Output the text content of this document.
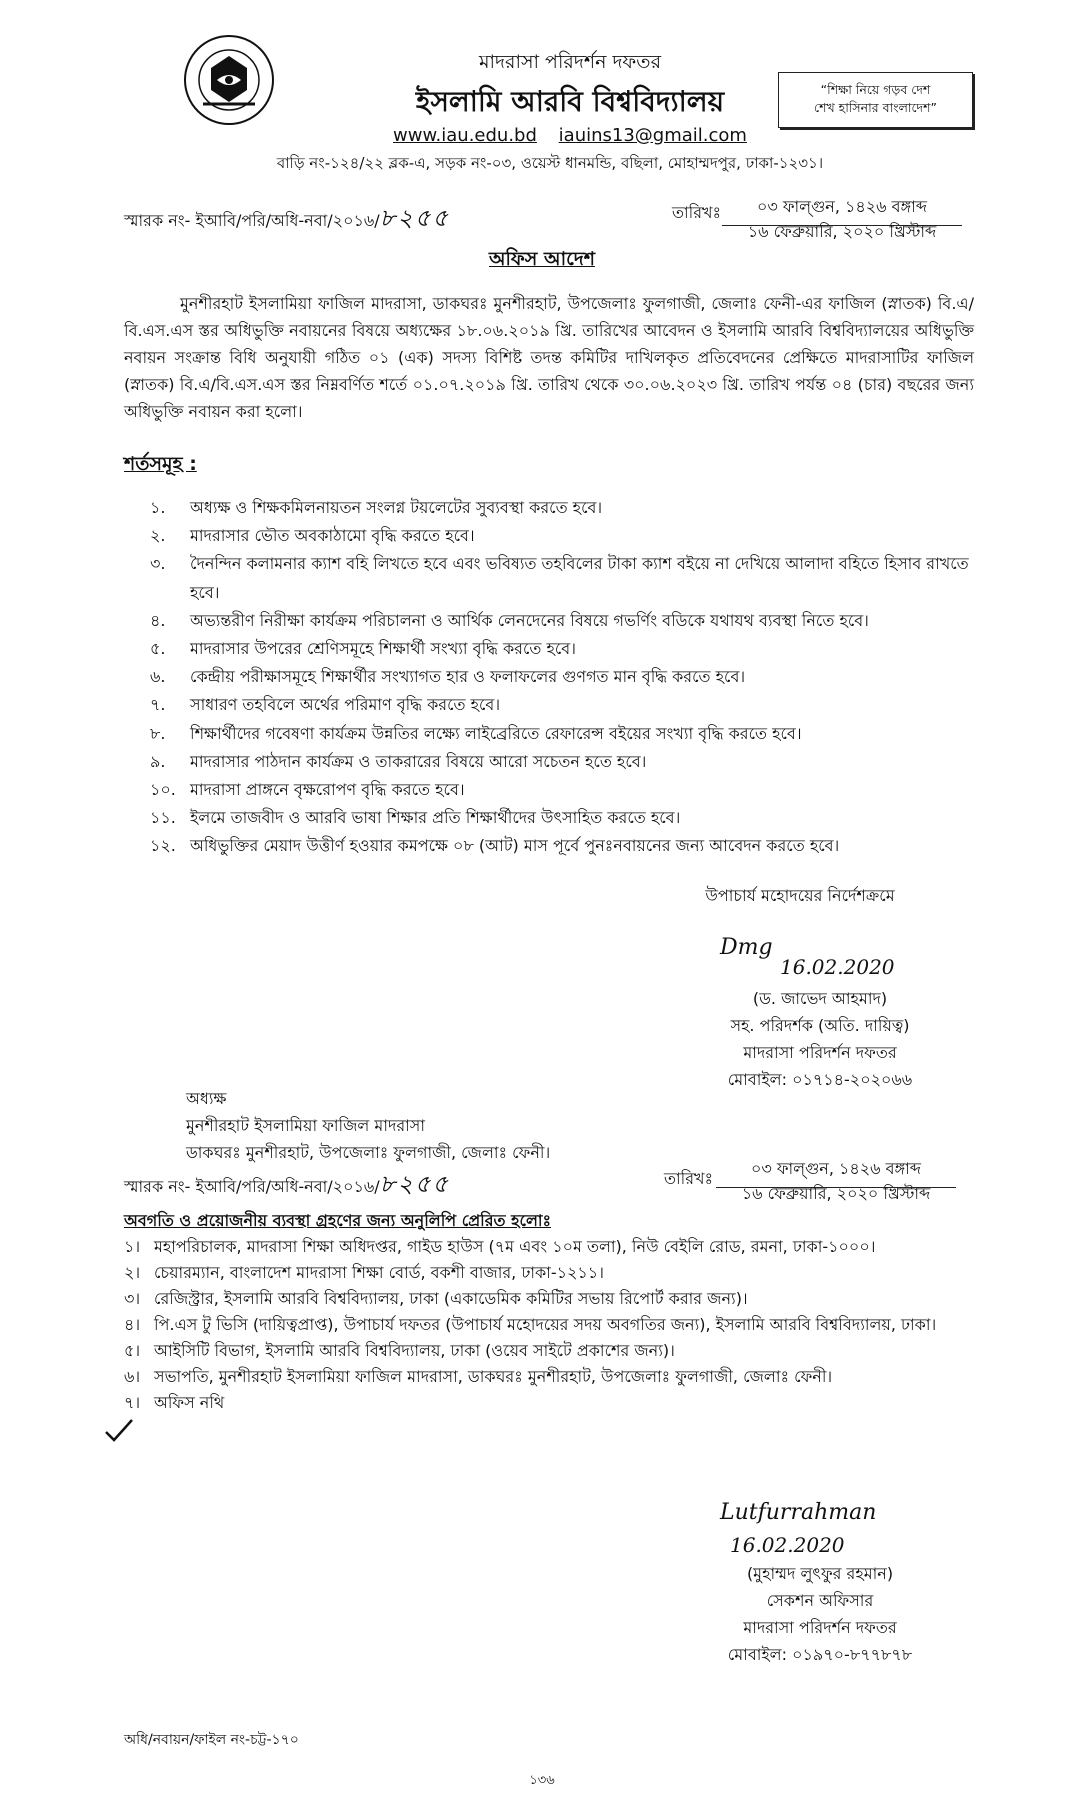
মাদরাসা পরিদর্শন দফতর
ইসলামি আরবি বিশ্ববিদ্যালয়
www.iau.edu.bd iauins13@gmail.com
বাড়ি নং-১২৪/২২ ব্লক-এ, সড়ক নং-০৩, ওয়েস্ট ধানমন্ডি, বছিলা, মোহাম্মদপুর, ঢাকা-১২৩১।
“শিক্ষা নিয়ে গড়ব দেশ
শেখ হাসিনার বাংলাদেশ”
স্মারক নং- ইআবি/পরি/অধি-নবা/২০১৬/৮২৫৫	তারিখঃ	০৩ ফাল্গুন, ১৪২৬ বঙ্গাব্দ
১৬ ফেব্রুয়ারি, ২০২০ খ্রিস্টাব্দ
অফিস আদেশ
মুনশীরহাট ইসলামিয়া ফাজিল মাদরাসা, ডাকঘরঃ মুনশীরহাট, উপজেলাঃ ফুলগাজী, জেলাঃ ফেনী-এর ফাজিল (স্নাতক) বি.এ/বি.এস.এস স্তর অধিভুক্তি নবায়নের বিষয়ে অধ্যক্ষের ১৮.০৬.২০১৯ খ্রি. তারিখের আবেদন ও ইসলামি আরবি বিশ্ববিদ্যালয়ের অধিভুক্তি নবায়ন সংক্রান্ত বিধি অনুযায়ী গঠিত ০১ (এক) সদস্য বিশিষ্ট তদন্ত কমিটির দাখিলকৃত প্রতিবেদনের প্রেক্ষিতে মাদরাসাটির ফাজিল (স্নাতক) বি.এ/বি.এস.এস স্তর নিম্নবর্ণিত শর্তে ০১.০৭.২০১৯ খ্রি. তারিখ থেকে ৩০.০৬.২০২৩ খ্রি. তারিখ পর্যন্ত ০৪ (চার) বছরের জন্য অধিভুক্তি নবায়ন করা হলো।
শর্তসমূহ :
১.	অধ্যক্ষ ও শিক্ষকমিলনায়তন সংলগ্ন টয়লেটের সুব্যবস্থা করতে হবে।
২.	মাদরাসার ভৌত অবকাঠামো বৃদ্ধি করতে হবে।
৩.	দৈনন্দিন কলামনার ক্যাশ বহি লিখতে হবে এবং ভবিষ্যত তহবিলের টাকা ক্যাশ বইয়ে না দেখিয়ে আলাদা বহিতে হিসাব রাখতে হবে।
৪.	অভ্যন্তরীণ নিরীক্ষা কার্যক্রম পরিচালনা ও আর্থিক লেনদেনের বিষয়ে গভর্ণিং বডিকে যথাযথ ব্যবস্থা নিতে হবে।
৫.	মাদরাসার উপরের শ্রেণিসমূহে শিক্ষার্থী সংখ্যা বৃদ্ধি করতে হবে।
৬.	কেন্দ্রীয় পরীক্ষাসমূহে শিক্ষার্থীর সংখ্যাগত হার ও ফলাফলের গুণগত মান বৃদ্ধি করতে হবে।
৭.	সাধারণ তহবিলে অর্থের পরিমাণ বৃদ্ধি করতে হবে।
৮.	শিক্ষার্থীদের গবেষণা কার্যক্রম উন্নতির লক্ষ্যে লাইব্রেরিতে রেফারেন্স বইয়ের সংখ্যা বৃদ্ধি করতে হবে।
৯.	মাদরাসার পাঠদান কার্যক্রম ও তাকরারের বিষয়ে আরো সচেতন হতে হবে।
১০. মাদরাসা প্রাঙ্গনে বৃক্ষরোপণ বৃদ্ধি করতে হবে।
১১. ইলমে তাজবীদ ও আরবি ভাষা শিক্ষার প্রতি শিক্ষার্থীদের উৎসাহিত করতে হবে।
১২. অধিভুক্তির মেয়াদ উত্তীর্ণ হওয়ার কমপক্ষে ০৮ (আট) মাস পূর্বে পুনঃনবায়নের জন্য আবেদন করতে হবে।
উপাচার্য মহোদয়ের নির্দেশক্রমে
Dmg
16.02.2020
(ড. জাভেদ আহমাদ)
সহ. পরিদর্শক (অতি. দায়িত্ব)
মাদরাসা পরিদর্শন দফতর
মোবাইল: ০১৭১৪-২০২০৬৬
অধ্যক্ষ
মুনশীরহাট ইসলামিয়া ফাজিল মাদরাসা
ডাকঘরঃ মুনশীরহাট, উপজেলাঃ ফুলগাজী, জেলাঃ ফেনী।
স্মারক নং- ইআবি/পরি/অধি-নবা/২০১৬/৮২৫৫	তারিখঃ
০৩ ফাল্গুন, ১৪২৬ বঙ্গাব্দ
১৬ ফেব্রুয়ারি, ২০২০ খ্রিস্টাব্দ
অবগতি ও প্রয়োজনীয় ব্যবস্থা গ্রহণের জন্য অনুলিপি প্রেরিত হলোঃ
১। মহাপরিচালক, মাদরাসা শিক্ষা অধিদপ্তর, গাইড হাউস (৭ম এবং ১০ম তলা), নিউ বেইলি রোড, রমনা, ঢাকা-১০০০।
২। চেয়ারম্যান, বাংলাদেশ মাদরাসা শিক্ষা বোর্ড, বকশী বাজার, ঢাকা-১২১১।
৩। রেজিস্ট্রার, ইসলামি আরবি বিশ্ববিদ্যালয়, ঢাকা (একাডেমিক কমিটির সভায় রিপোর্ট করার জন্য)।
৪। পি.এস টু ভিসি (দায়িত্বপ্রাপ্ত), উপাচার্য দফতর (উপাচার্য মহোদয়ের সদয় অবগতির জন্য), ইসলামি আরবি বিশ্ববিদ্যালয়, ঢাকা।
৫। আইসিটি বিভাগ, ইসলামি আরবি বিশ্ববিদ্যালয়, ঢাকা (ওয়েব সাইটে প্রকাশের জন্য)।
৬। সভাপতি, মুনশীরহাট ইসলামিয়া ফাজিল মাদরাসা, ডাকঘরঃ মুনশীরহাট, উপজেলাঃ ফুলগাজী, জেলাঃ ফেনী।
৭। অফিস নথি
Lutfurrahman
16.02.2020
(মুহাম্মদ লুৎফুর রহমান)
সেকশন অফিসার
মাদরাসা পরিদর্শন দফতর
মোবাইল: ০১৯৭০-৮৭৭৮৭৮
অধি/নবায়ন/ফাইল নং-চট্ট-১৭০
১৩৬
